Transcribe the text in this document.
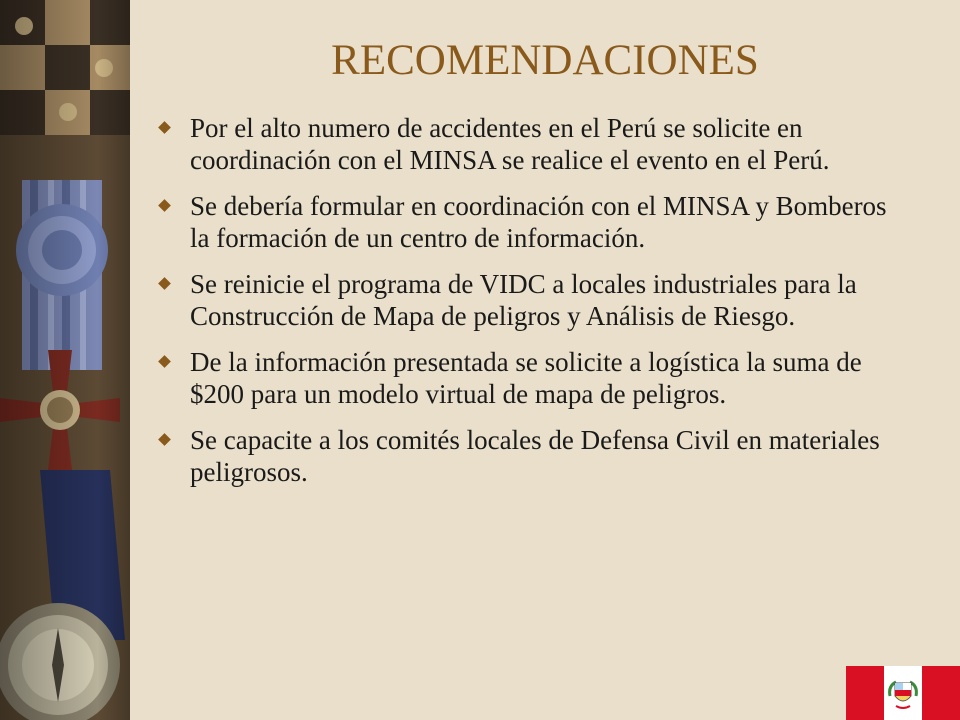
RECOMENDACIONES
Por el alto numero de accidentes en el Perú se solicite en coordinación con el MINSA se realice el evento en el Perú.
Se debería formular en coordinación con el MINSA y Bomberos la formación de un centro de información.
Se reinicie el programa de VIDC a locales industriales para la Construcción de Mapa de peligros y Análisis de Riesgo.
De la información presentada se solicite a logística la suma de $200 para un modelo virtual de mapa de peligros.
Se capacite a los comités locales de Defensa Civil en materiales peligrosos.
